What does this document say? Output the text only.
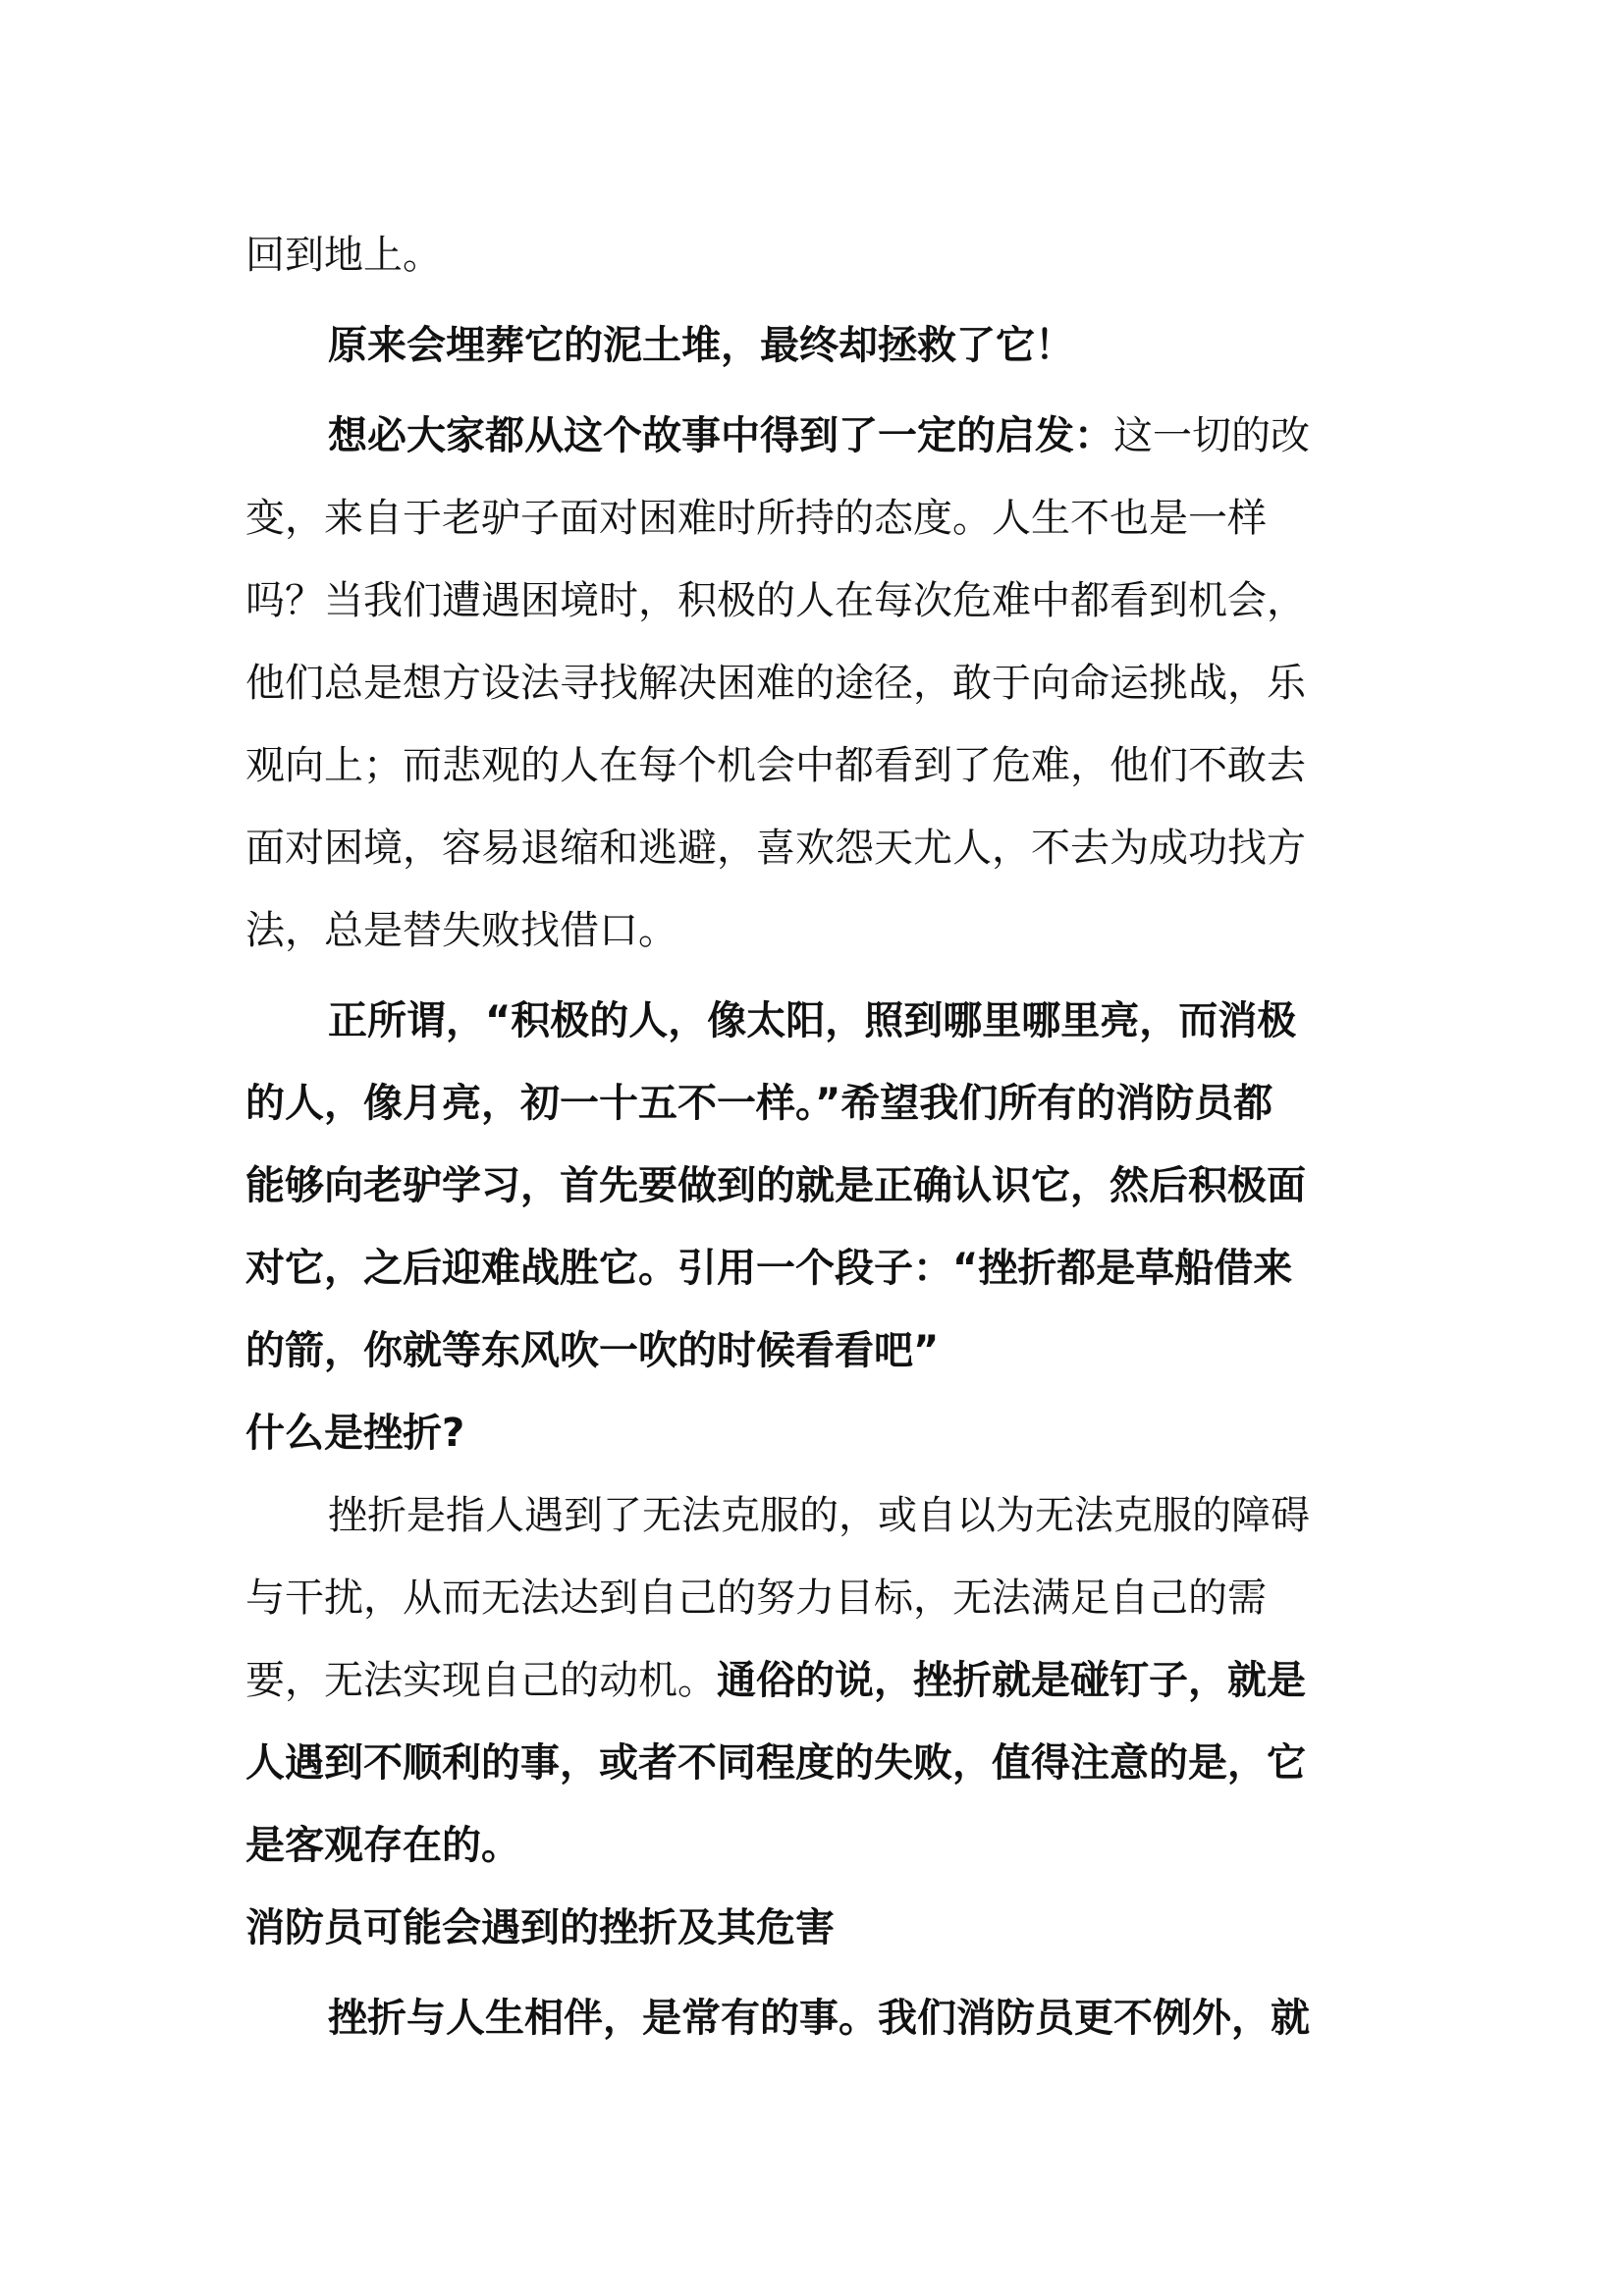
回到地上。
原来会埋葬它的泥土堆，最终却拯救了它！
想必大家都从这个故事中得到了一定的启发：这一切的改
变，来自于老驴子面对困难时所持的态度。人生不也是一样
吗？当我们遭遇困境时，积极的人在每次危难中都看到机会，
他们总是想方设法寻找解决困难的途径，敢于向命运挑战，乐
观向上；而悲观的人在每个机会中都看到了危难，他们不敢去
面对困境，容易退缩和逃避，喜欢怨天尤人，不去为成功找方
法，总是替失败找借口。
正所谓，“积极的人，像太阳，照到哪里哪里亮，而消极
的人，像月亮，初一十五不一样。”希望我们所有的消防员都
能够向老驴学习，首先要做到的就是正确认识它，然后积极面
对它，之后迎难战胜它。引用一个段子：“挫折都是草船借来
的箭，你就等东风吹一吹的时候看看吧”
什么是挫折?
挫折是指人遇到了无法克服的，或自以为无法克服的障碍
与干扰，从而无法达到自己的努力目标，无法满足自己的需
要，无法实现自己的动机。通俗的说，挫折就是碰钉子，就是
人遇到不顺利的事，或者不同程度的失败，值得注意的是，它
是客观存在的。
消防员可能会遇到的挫折及其危害
挫折与人生相伴，是常有的事。我们消防员更不例外，就
